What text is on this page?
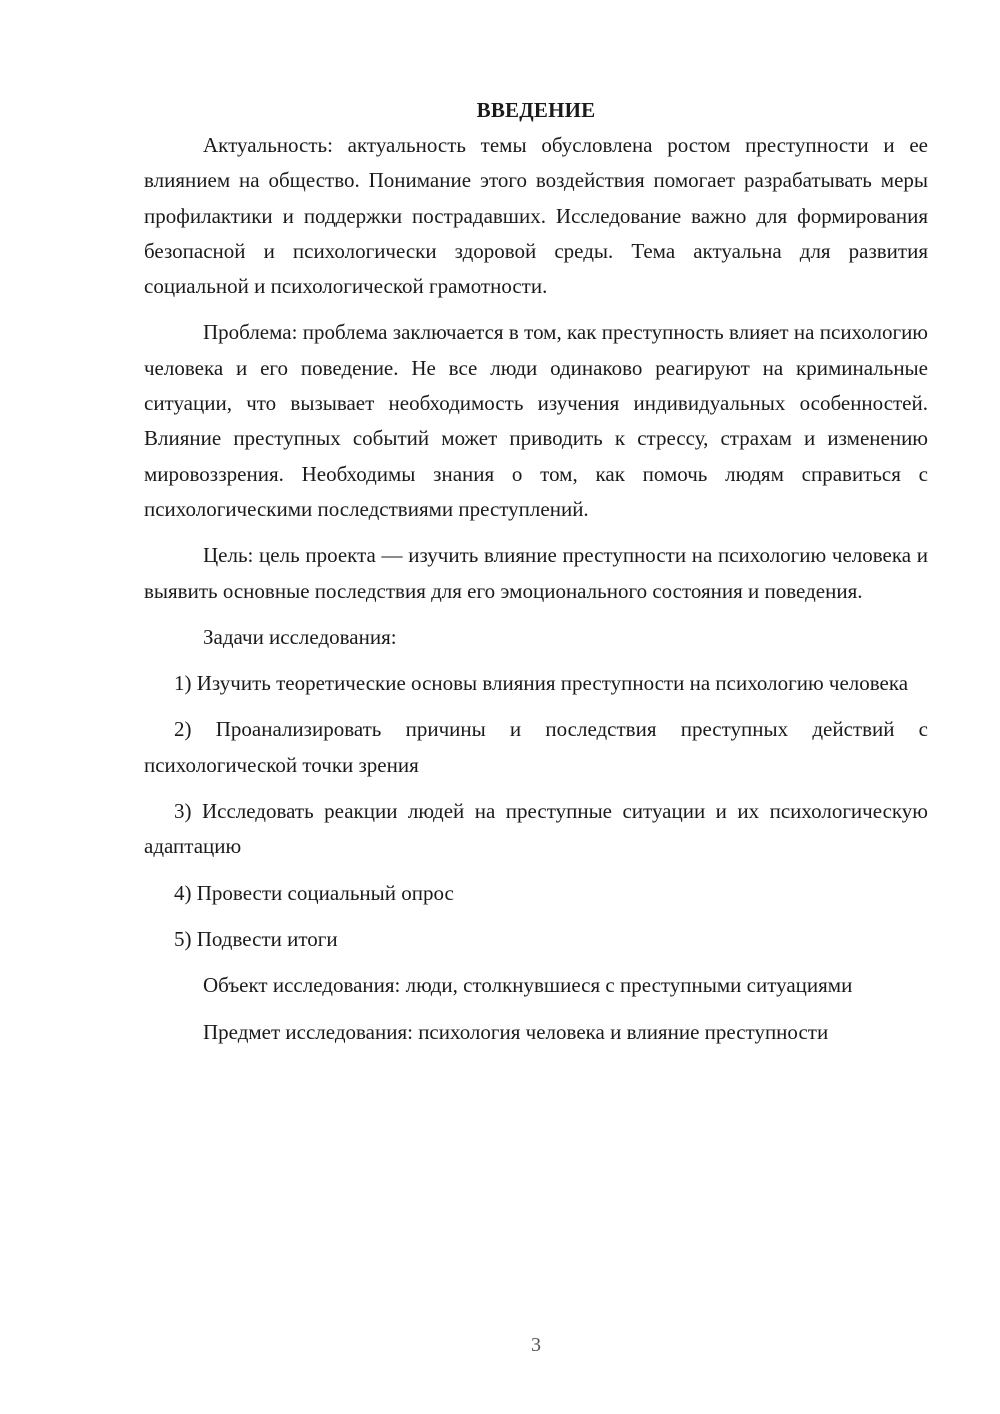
ВВЕДЕНИЕ

Актуальность: актуальность темы обусловлена ростом преступности и ее влиянием на общество. Понимание этого воздействия помогает разрабатывать меры профилактики и поддержки пострадавших. Исследование важно для формирования безопасной и психологически здоровой среды. Тема актуальна для развития социальной и психологической грамотности.

Проблема: проблема заключается в том, как преступность влияет на психологию человека и его поведение. Не все люди одинаково реагируют на криминальные ситуации, что вызывает необходимость изучения индивидуальных особенностей. Влияние преступных событий может приводить к стрессу, страхам и изменению мировоззрения. Необходимы знания о том, как помочь людям справиться с психологическими последствиями преступлений.

Цель: цель проекта — изучить влияние преступности на психологию человека и выявить основные последствия для его эмоционального состояния и поведения.

Задачи исследования:

1) Изучить теоретические основы влияния преступности на психологию человека

2) Проанализировать причины и последствия преступных действий с психологической точки зрения

3) Исследовать реакции людей на преступные ситуации и их психологическую адаптацию

4) Провести социальный опрос

5) Подвести итоги

Объект исследования: люди, столкнувшиеся с преступными ситуациями

Предмет исследования: психология человека и влияние преступности

3
